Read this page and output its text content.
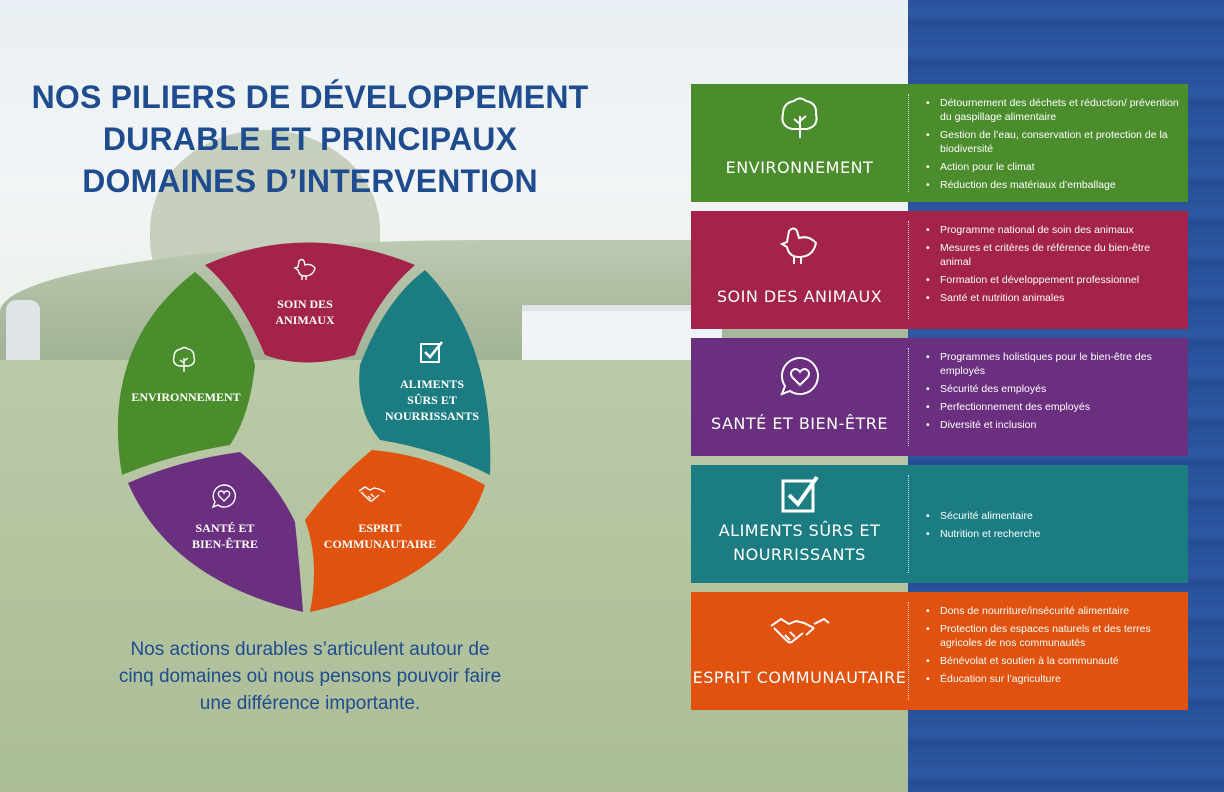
NOS PILIERS DE DÉVELOPPEMENT
DURABLE ET PRINCIPAUX
DOMAINES D’INTERVENTION
SOIN DES
ANIMAUX
ALIMENTS
SÛRS ET
NOURRISSANTS
ESPRIT
COMMUNAUTAIRE
SANTÉ ET
BIEN-ÊTRE
ENVIRONNEMENT
Nos actions durables s’articulent autour de
cinq domaines où nous pensons pouvoir faire
une différence importante.
• Détournement des déchets et réduction/ prévention du gaspillage alimentaire
• Gestion de l’eau, conservation et protection de la biodiversité
• Action pour le climat
• Réduction des matériaux d’emballage
ENVIRONNEMENT
• Programme national de soin des animaux
• Mesures et critères de référence du bien-être animal
• Formation et développement professionnel
• Santé et nutrition animales
SOIN DES ANIMAUX
• Programmes holistiques pour le bien-être des employés
• Sécurité des employés
• Perfectionnement des employés
• Diversité et inclusion
SANTÉ ET BIEN-ÊTRE
• Sécurité alimentaire
• Nutrition et recherche
ALIMENTS SÛRS ET
NOURRISSANTS
• Dons de nourriture/insécurité alimentaire
• Protection des espaces naturels et des terres agricoles de nos communautés
• Bénévolat et soutien à la communauté
• Éducation sur l’agriculture
ESPRIT COMMUNAUTAIRE
